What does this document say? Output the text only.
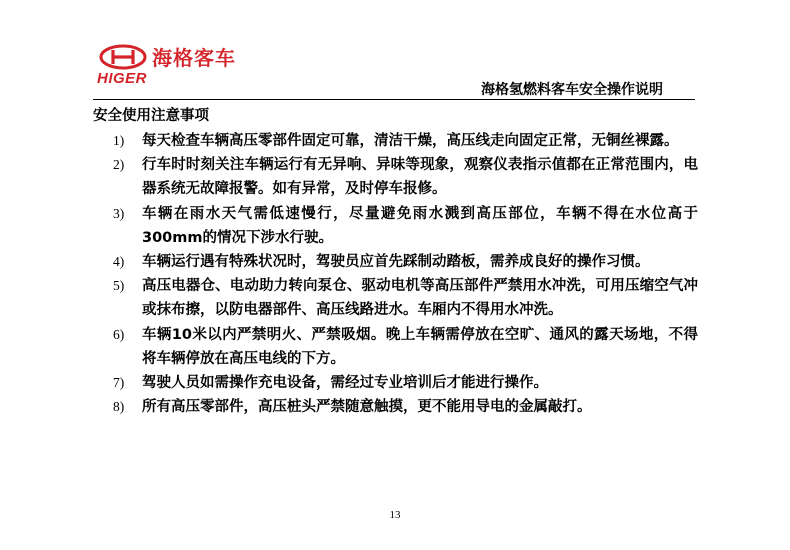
海格客车
HIGER
海格氢燃料客车安全操作说明
安全使用注意事项
1)	每天检查车辆高压零部件固定可靠，清洁干燥，高压线走向固定正常，无铜丝裸露。
2)	行车时时刻关注车辆运行有无异响、异味等现象，观察仪表指示值都在正常范围内，电器系统无故障报警。如有异常，及时停车报修。
3)	车辆在雨水天气需低速慢行，尽量避免雨水溅到高压部位，车辆不得在水位高于300mm的情况下涉水行驶。
4)	车辆运行遇有特殊状况时，驾驶员应首先踩制动踏板，需养成良好的操作习惯。
5)	高压电器仓、电动助力转向泵仓、驱动电机等高压部件严禁用水冲洗，可用压缩空气冲或抹布擦，以防电器部件、高压线路进水。车厢内不得用水冲洗。
6)	车辆10米以内严禁明火、严禁吸烟。晚上车辆需停放在空旷、通风的露天场地，不得将车辆停放在高压电线的下方。
7)	驾驶人员如需操作充电设备，需经过专业培训后才能进行操作。
8)	所有高压零部件，高压桩头严禁随意触摸，更不能用导电的金属敲打。
13
